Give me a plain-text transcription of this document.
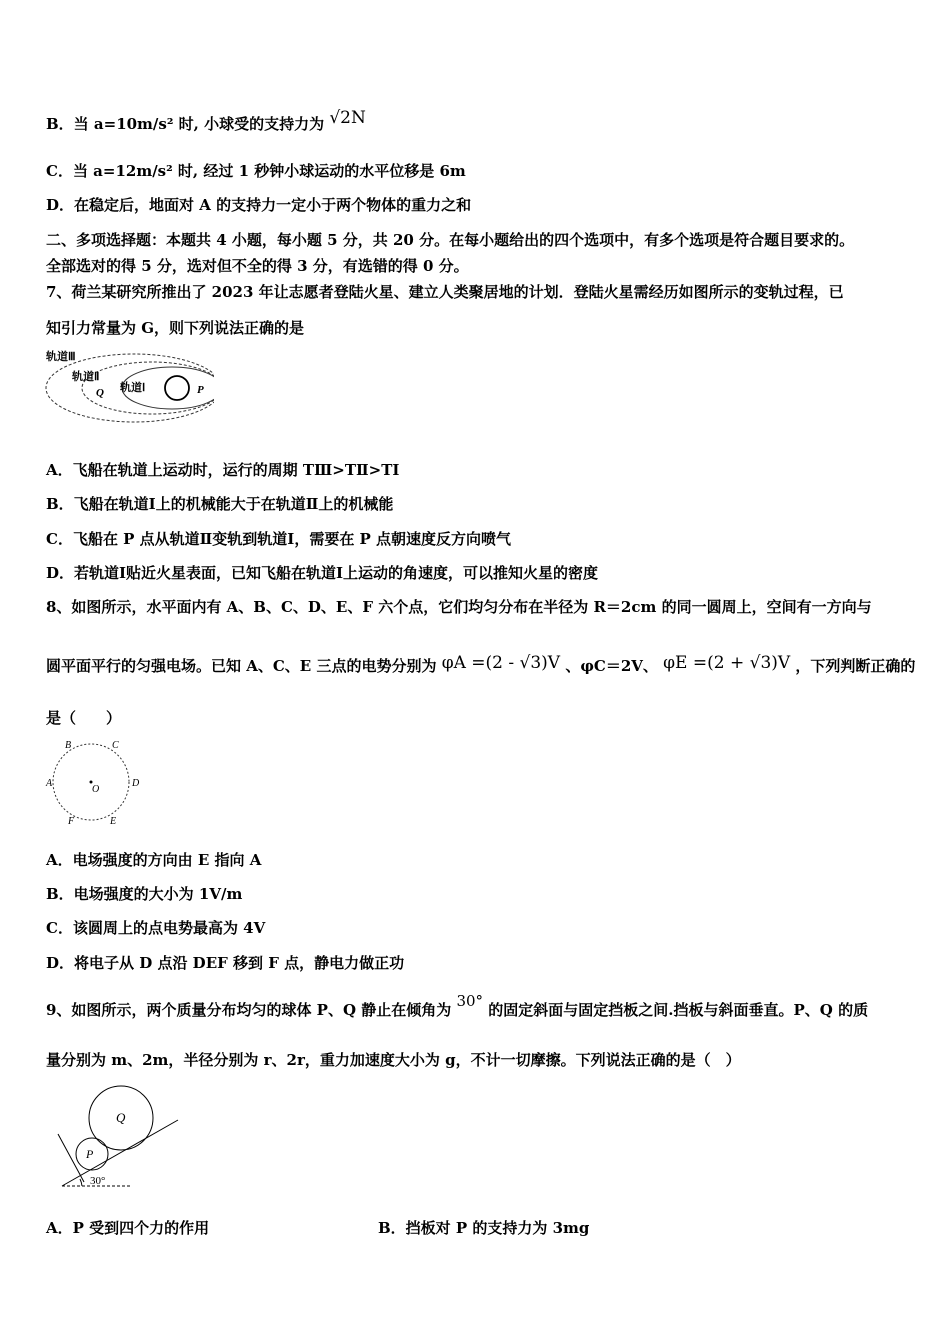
B．当 a=10m/s² 时, 小球受的支持力为 √2N
C．当 a=12m/s² 时, 经过 1 秒钟小球运动的水平位移是 6m
D．在稳定后，地面对 A 的支持力一定小于两个物体的重力之和
二、多项选择题：本题共 4 小题，每小题 5 分，共 20 分。在每小题给出的四个选项中，有多个选项是符合题目要求的。
全部选对的得 5 分，选对但不全的得 3 分，有选错的得 0 分。
7、荷兰某研究所推出了 2023 年让志愿者登陆火星、建立人类聚居地的计划．登陆火星需经历如图所示的变轨过程，已
知引力常量为 G，则下列说法正确的是
轨道Ⅲ
轨道Ⅱ
轨道Ⅰ
Q	P
A．飞船在轨道上运动时，运行的周期 TⅢ>TⅡ>TⅠ
B．飞船在轨道Ⅰ上的机械能大于在轨道Ⅱ上的机械能
C．飞船在 P 点从轨道Ⅱ变轨到轨道Ⅰ，需要在 P 点朝速度反方向喷气
D．若轨道Ⅰ贴近火星表面，已知飞船在轨道Ⅰ上运动的角速度，可以推知火星的密度
8、如图所示，水平面内有 A、B、C、D、E、F 六个点，它们均匀分布在半径为 R＝2cm 的同一圆周上，空间有一方向与
圆平面平行的匀强电场。已知 A、C、E 三点的电势分别为 φA =(2 - √3)V 、φC＝2V、 φE =(2 + √3)V ，下列判断正确的
是（　　）
B	C
A
O
D
F	E
A．电场强度的方向由 E 指向 A
B．电场强度的大小为 1V/m
C．该圆周上的点电势最高为 4V
D．将电子从 D 点沿 DEF 移到 F 点，静电力做正功
9、如图所示，两个质量分布均匀的球体 P、Q 静止在倾角为 30° 的固定斜面与固定挡板之间.挡板与斜面垂直。P、Q 的质
量分别为 m、2m，半径分别为 r、2r，重力加速度大小为 g，不计一切摩擦。下列说法正确的是（　）
Q
P
30°
A．P 受到四个力的作用	B．挡板对 P 的支持力为 3mg
